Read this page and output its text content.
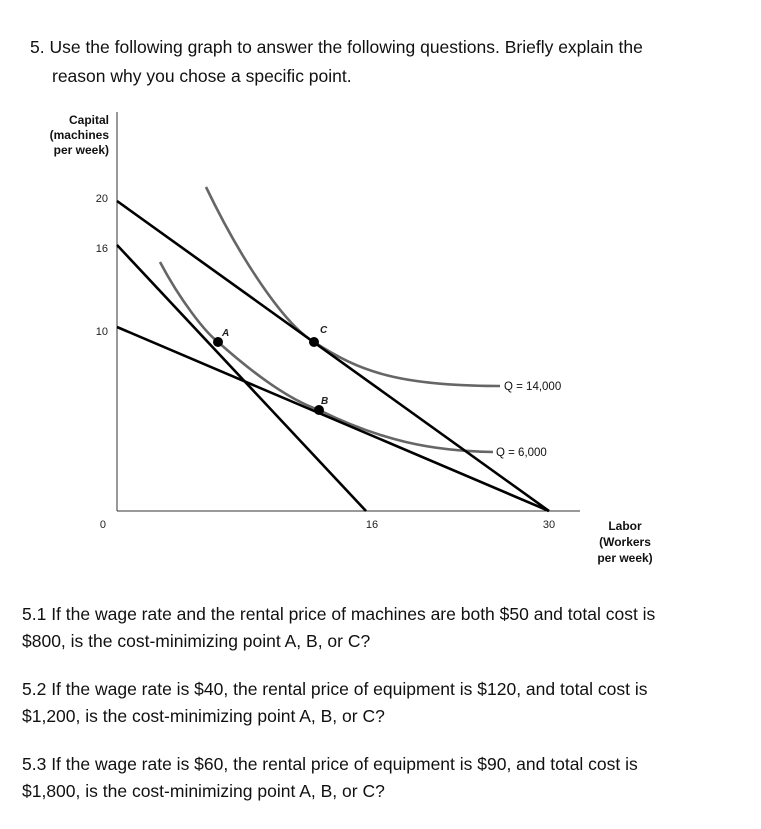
5. Use the following graph to answer the following questions. Briefly explain the
reason why you chose a specific point.
Capital
(machines
per week)
Labor
(Workers
per week)
20
16
10
0	16	30
A
B
C
Q = 14,000
Q = 6,000
5.1 If the wage rate and the rental price of machines are both $50 and total cost is
$800, is the cost-minimizing point A, B, or C?
5.2 If the wage rate is $40, the rental price of equipment is $120, and total cost is
$1,200, is the cost-minimizing point A, B, or C?
5.3 If the wage rate is $60, the rental price of equipment is $90, and total cost is
$1,800, is the cost-minimizing point A, B, or C?
